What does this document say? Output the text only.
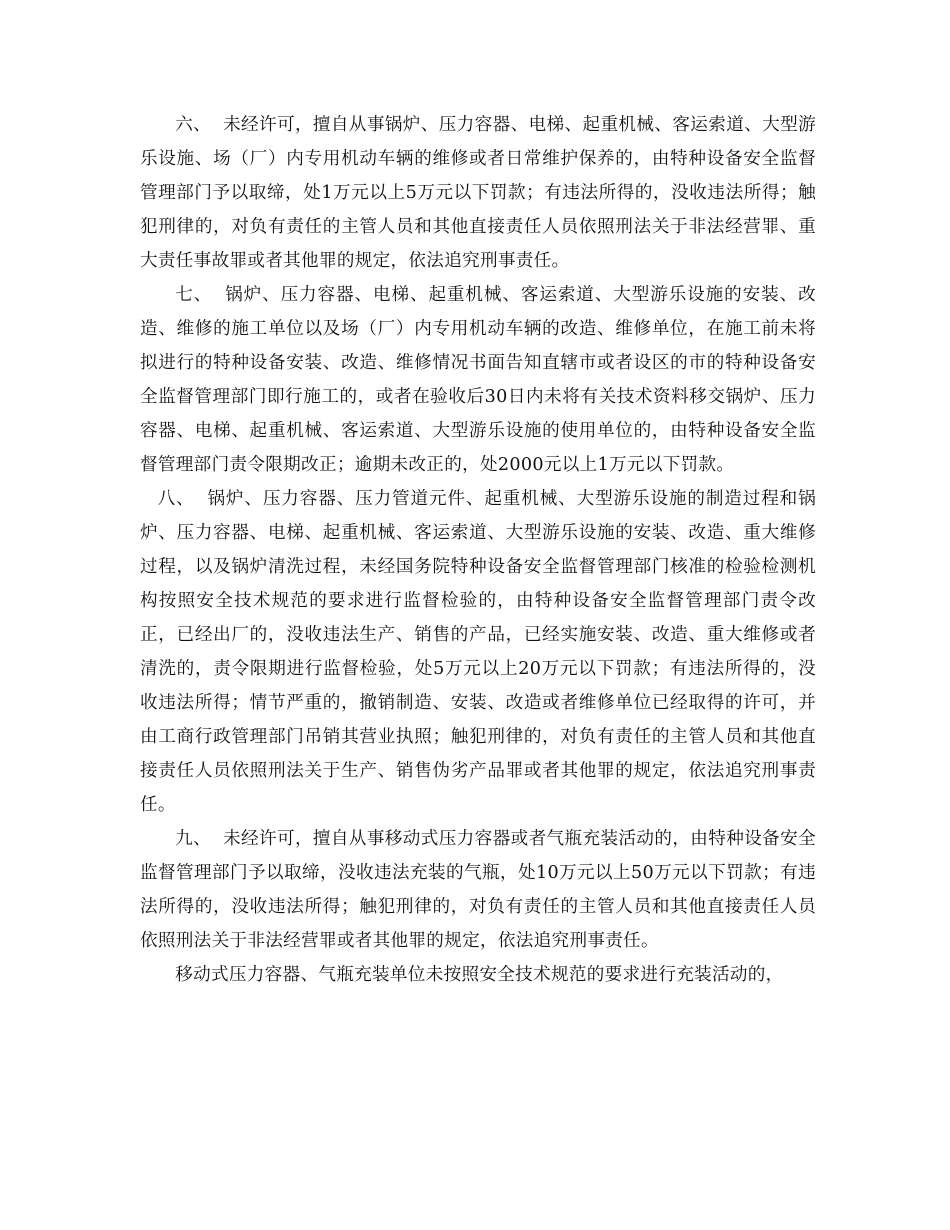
六、  未经许可，擅自从事锅炉、压力容器、电梯、起重机械、客运索道、大型游乐设施、场（厂）内专用机动车辆的维修或者日常维护保养的，由特种设备安全监督管理部门予以取缔，处1万元以上5万元以下罚款；有违法所得的，没收违法所得；触犯刑律的，对负有责任的主管人员和其他直接责任人员依照刑法关于非法经营罪、重大责任事故罪或者其他罪的规定，依法追究刑事责任。

七、  锅炉、压力容器、电梯、起重机械、客运索道、大型游乐设施的安装、改造、维修的施工单位以及场（厂）内专用机动车辆的改造、维修单位，在施工前未将拟进行的特种设备安装、改造、维修情况书面告知直辖市或者设区的市的特种设备安全监督管理部门即行施工的，或者在验收后30日内未将有关技术资料移交锅炉、压力容器、电梯、起重机械、客运索道、大型游乐设施的使用单位的，由特种设备安全监督管理部门责令限期改正；逾期未改正的，处2000元以上1万元以下罚款。

八、  锅炉、压力容器、压力管道元件、起重机械、大型游乐设施的制造过程和锅炉、压力容器、电梯、起重机械、客运索道、大型游乐设施的安装、改造、重大维修过程，以及锅炉清洗过程，未经国务院特种设备安全监督管理部门核准的检验检测机构按照安全技术规范的要求进行监督检验的，由特种设备安全监督管理部门责令改正，已经出厂的，没收违法生产、销售的产品，已经实施安装、改造、重大维修或者清洗的，责令限期进行监督检验，处5万元以上20万元以下罚款；有违法所得的，没收违法所得；情节严重的，撤销制造、安装、改造或者维修单位已经取得的许可，并由工商行政管理部门吊销其营业执照；触犯刑律的，对负有责任的主管人员和其他直接责任人员依照刑法关于生产、销售伪劣产品罪或者其他罪的规定，依法追究刑事责任。

九、  未经许可，擅自从事移动式压力容器或者气瓶充装活动的，由特种设备安全监督管理部门予以取缔，没收违法充装的气瓶，处10万元以上50万元以下罚款；有违法所得的，没收违法所得；触犯刑律的，对负有责任的主管人员和其他直接责任人员依照刑法关于非法经营罪或者其他罪的规定，依法追究刑事责任。

移动式压力容器、气瓶充装单位未按照安全技术规范的要求进行充装活动的，
